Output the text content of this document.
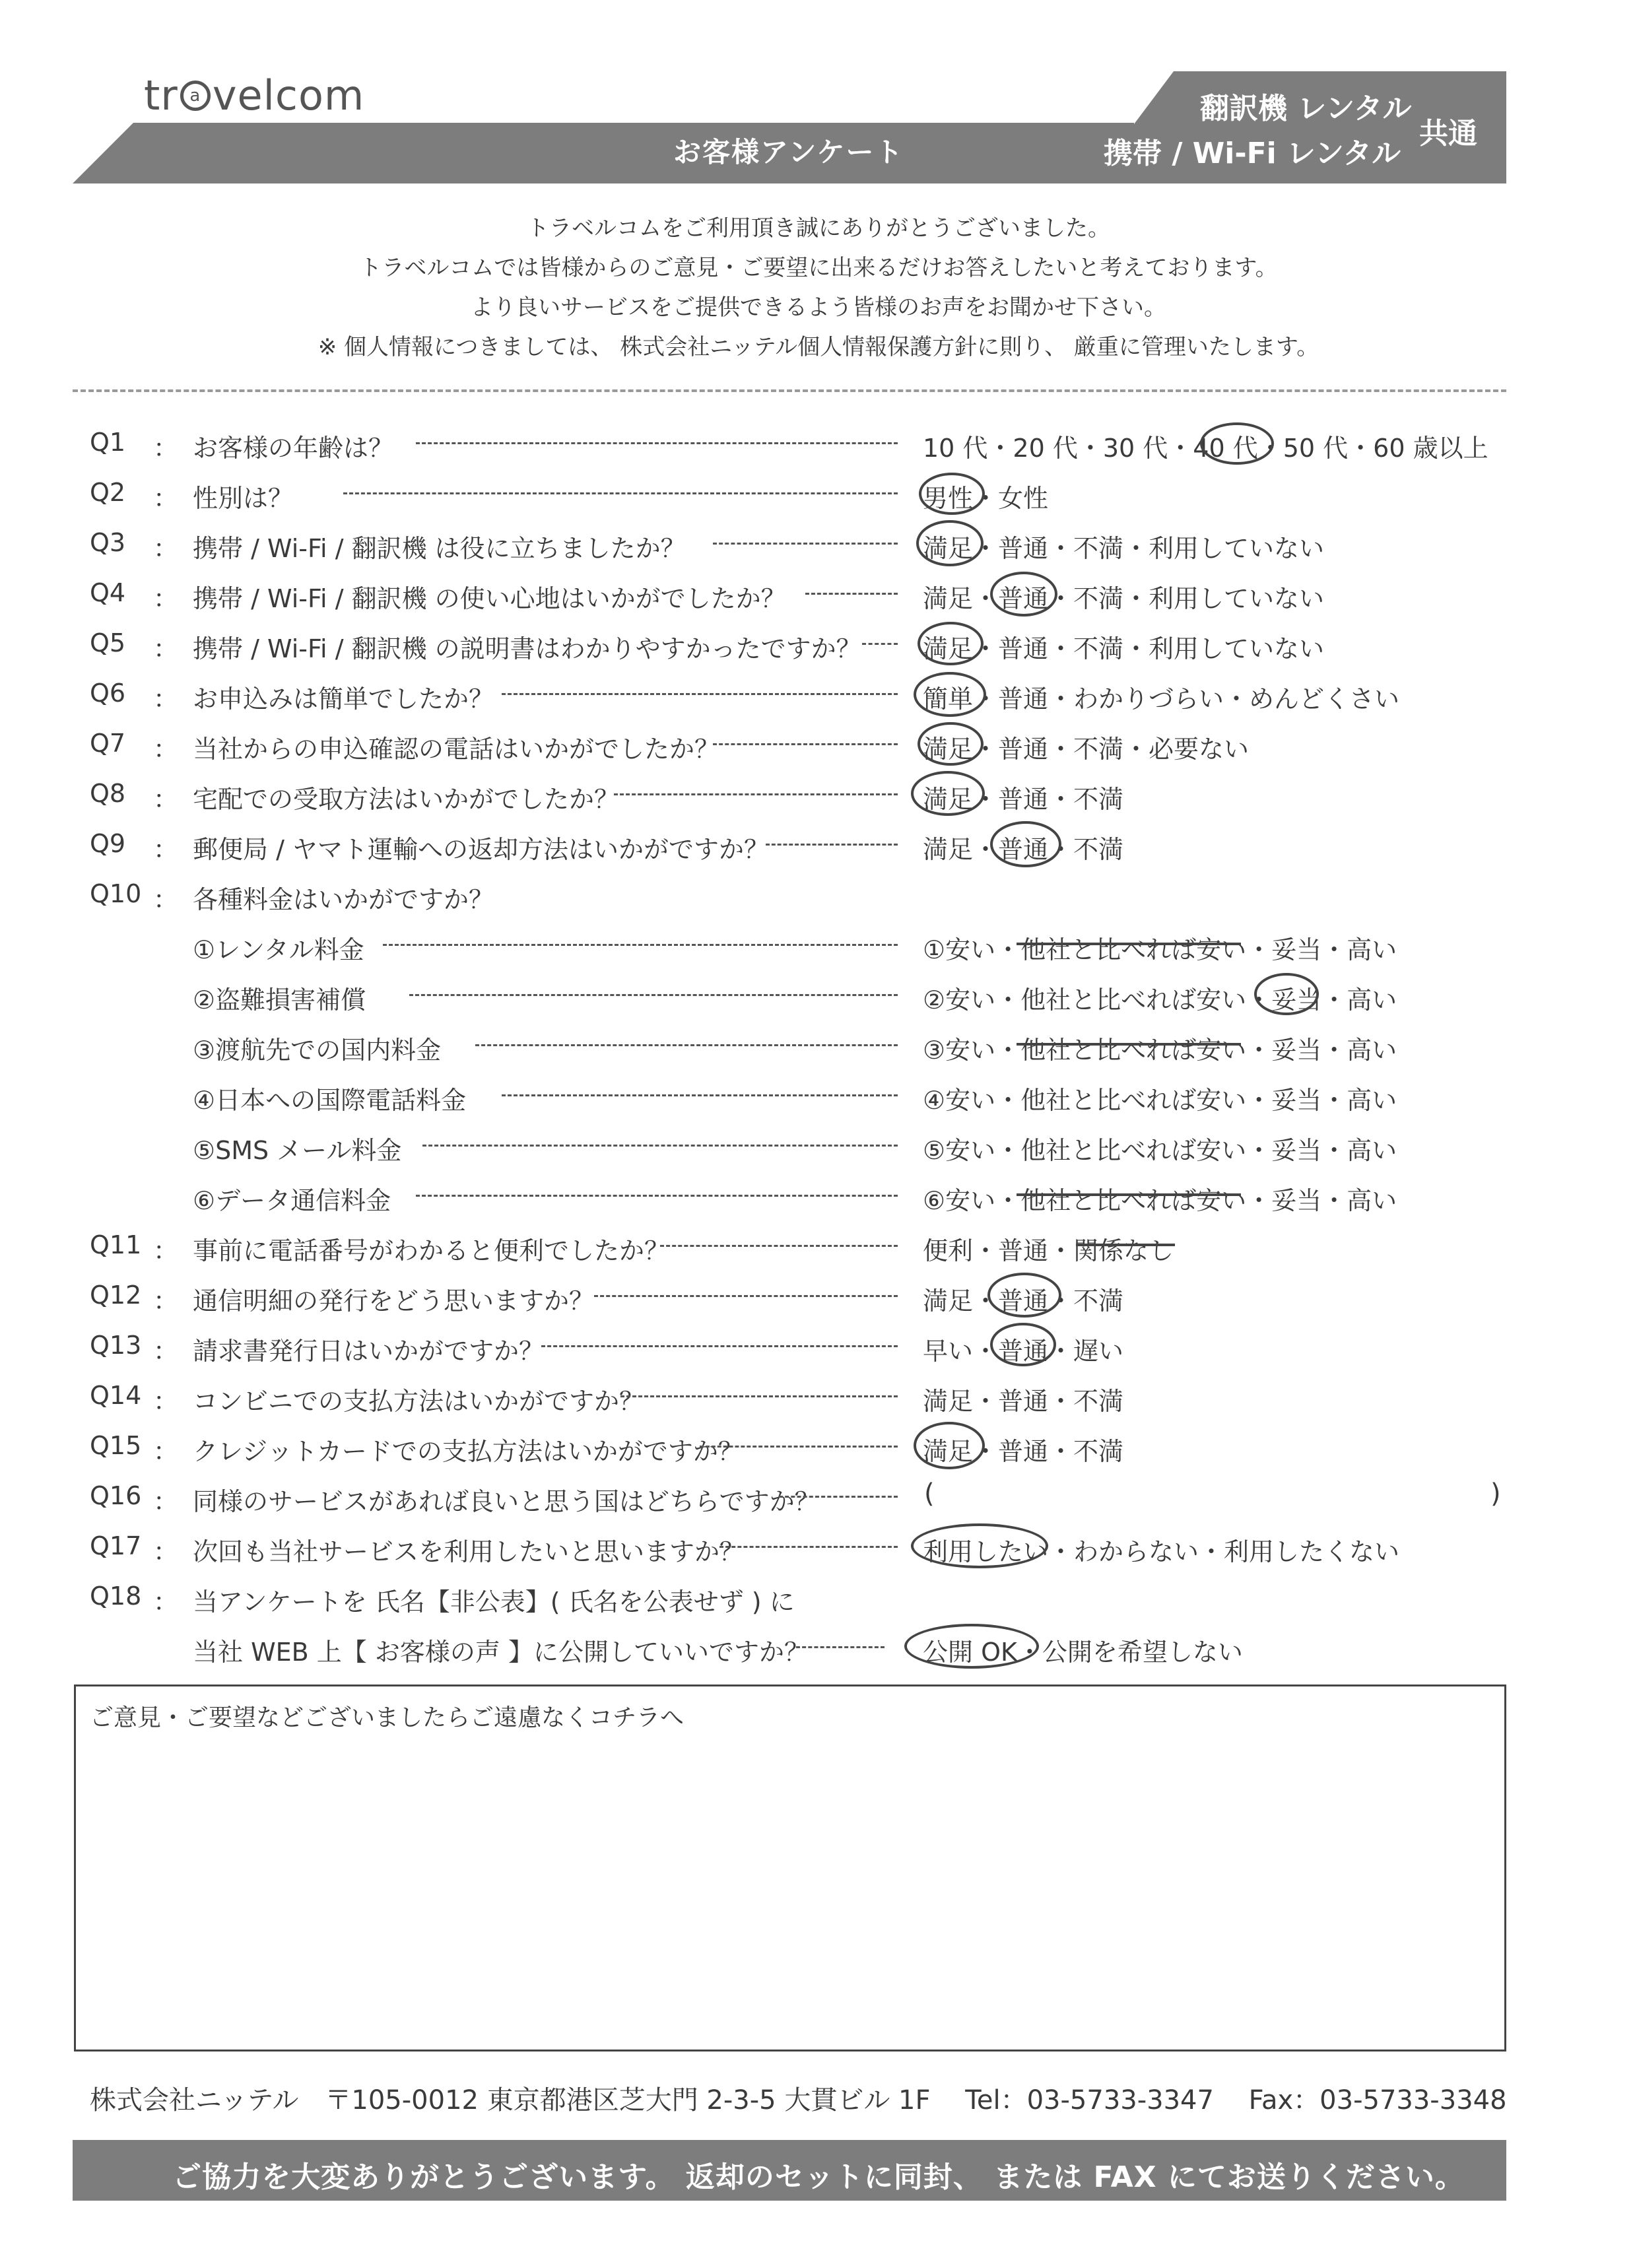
tr a velcom
お客様アンケート
翻訳機 レンタル
携帯 / Wi-Fi レンタル
共通
トラベルコムをご利用頂き誠にありがとうございました。
トラベルコムでは皆様からのご意見・ご要望に出来るだけお答えしたいと考えております。
より良いサービスをご提供できるよう皆様のお声をお聞かせ下さい。
※ 個人情報につきましては、 株式会社ニッテル個人情報保護方針に則り、 厳重に管理いたします。
Q1 ： お客様の年齢は？	10 代・20 代・30 代・40 代・50 代・60 歳以上
Q2 ： 性別は？	男性・女性
Q3 ： 携帯 / Wi-Fi / 翻訳機 は役に立ちましたか？	満足・普通・不満・利用していない
Q4 ： 携帯 / Wi-Fi / 翻訳機 の使い心地はいかがでしたか？	満足・普通・不満・利用していない
Q5 ： 携帯 / Wi-Fi / 翻訳機 の説明書はわかりやすかったですか？ 満足・普通・不満・利用していない
Q6 ： お申込みは簡単でしたか？	簡単・普通・わかりづらい・めんどくさい
Q7 ： 当社からの申込確認の電話はいかがでしたか？	満足・普通・不満・必要ない
Q8 ： 宅配での受取方法はいかがでしたか？	満足・普通・不満
Q9 ： 郵便局 / ヤマト運輸への返却方法はいかがですか？	満足・普通・不満
Q10 ： 各種料金はいかがですか？
①レンタル料金	①安い・他社と比べれば安い・妥当・高い
②盗難損害補償	②安い・他社と比べれば安い・妥当・高い
③渡航先での国内料金	③安い・他社と比べれば安い・妥当・高い
④日本への国際電話料金	④安い・他社と比べれば安い・妥当・高い
⑤SMS メール料金	⑤安い・他社と比べれば安い・妥当・高い
⑥データ通信料金	⑥安い・他社と比べれば安い・妥当・高い
Q11 ： 事前に電話番号がわかると便利でしたか？	便利・普通・関係なし
Q12 ： 通信明細の発行をどう思いますか？	満足・普通・不満
Q13 ： 請求書発行日はいかがですか？	早い・普通・遅い
Q14 ： コンビニでの支払方法はいかがですか？	満足・普通・不満
Q15 ： クレジットカードでの支払方法はいかがですか？	満足・普通・不満
Q16 ： 同様のサービスがあれば良いと思う国はどちらですか？	(	)
Q17 ： 次回も当社サービスを利用したいと思いますか？	利用したい・わからない・利用したくない
Q18 ： 当アンケートを 氏名【非公表】( 氏名を公表せず ) に
当社 WEB 上【 お客様の声 】に公開していいですか？	公開 OK・公開を希望しない
ご意見・ご要望などございましたらご遠慮なくコチラへ
株式会社ニッテル　〒105-0012 東京都港区芝大門 2-3-5 大貫ビル 1F　 Tel：03-5733-3347　 Fax：03-5733-3348
ご協力を大変ありがとうございます。 返却のセットに同封、 または FAX にてお送りください。
